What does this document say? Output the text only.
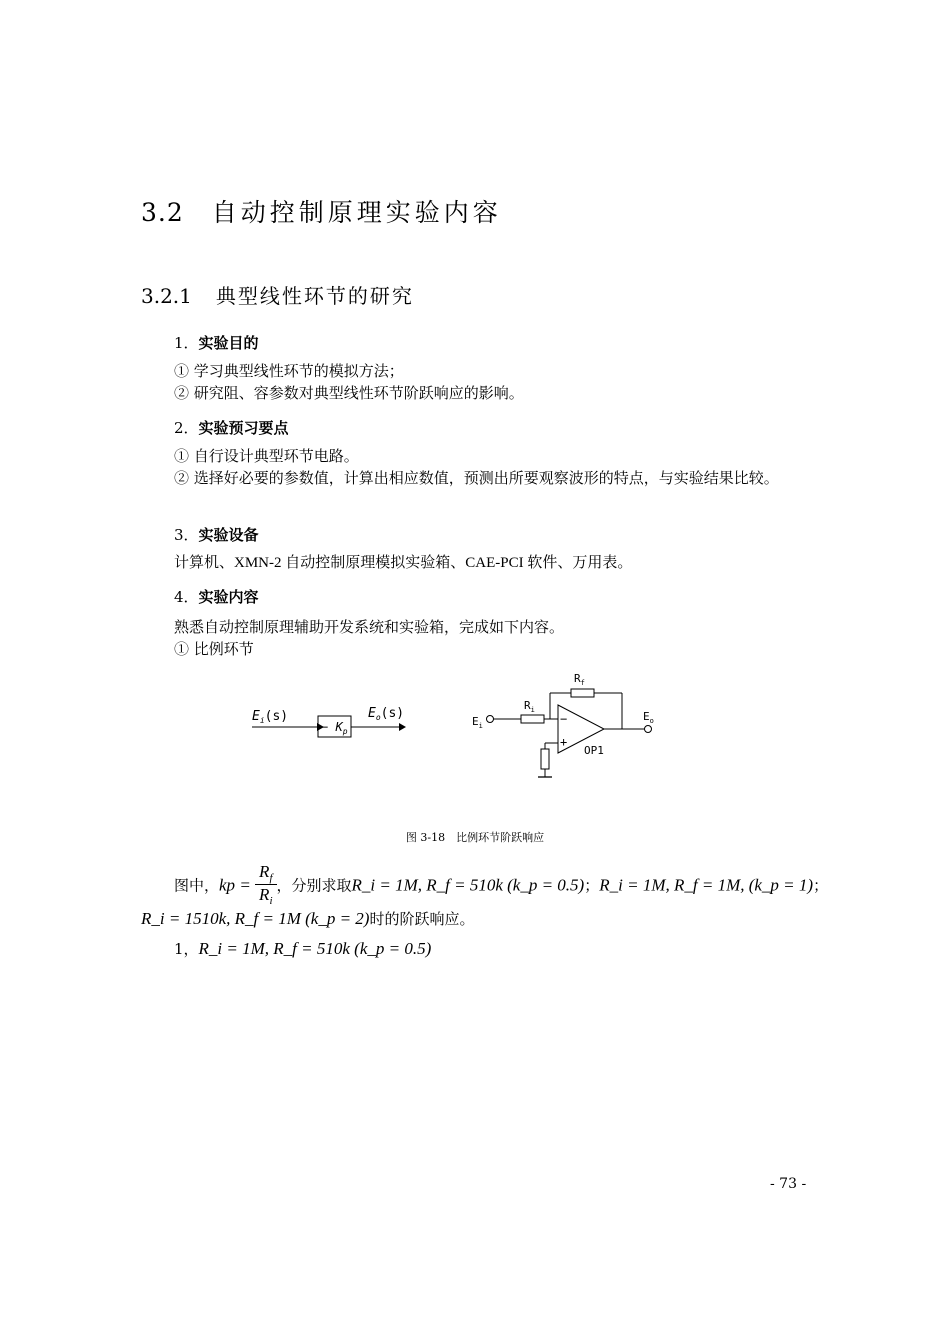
3.2 自动控制原理实验内容
3.2.1 典型线性环节的研究
1．实验目的
① 学习典型线性环节的模拟方法；
② 研究阻、容参数对典型线性环节阶跃响应的影响。
2．实验预习要点
① 自行设计典型环节电路。
② 选择好必要的参数值，计算出相应数值，预测出所要观察波形的特点，与实验结果比较。
3．实验设备
计算机、XMN-2 自动控制原理模拟实验箱、CAE-PCI 软件、万用表。
4．实验内容
熟悉自动控制原理辅助开发系统和实验箱，完成如下内容。
① 比例环节
$E_i(s)$
− $K_p$
$E_o(s)$
$E_i$
$R_i$
$R_f$
−
+
OP1
$E_o$
图 3-18　比例环节阶跃响应
图中，kp = $\frac{R_f}{R_i}$ ，分别求取R_i = 1M, R_f = 510k (k_p = 0.5)；R_i = 1M, R_f = 1M, (k_p = 1)；
R_i = 1510k, R_f = 1M (k_p = 2)时的阶跃响应。
1，R_i = 1M, R_f = 510k (k_p = 0.5)
- 73 -
